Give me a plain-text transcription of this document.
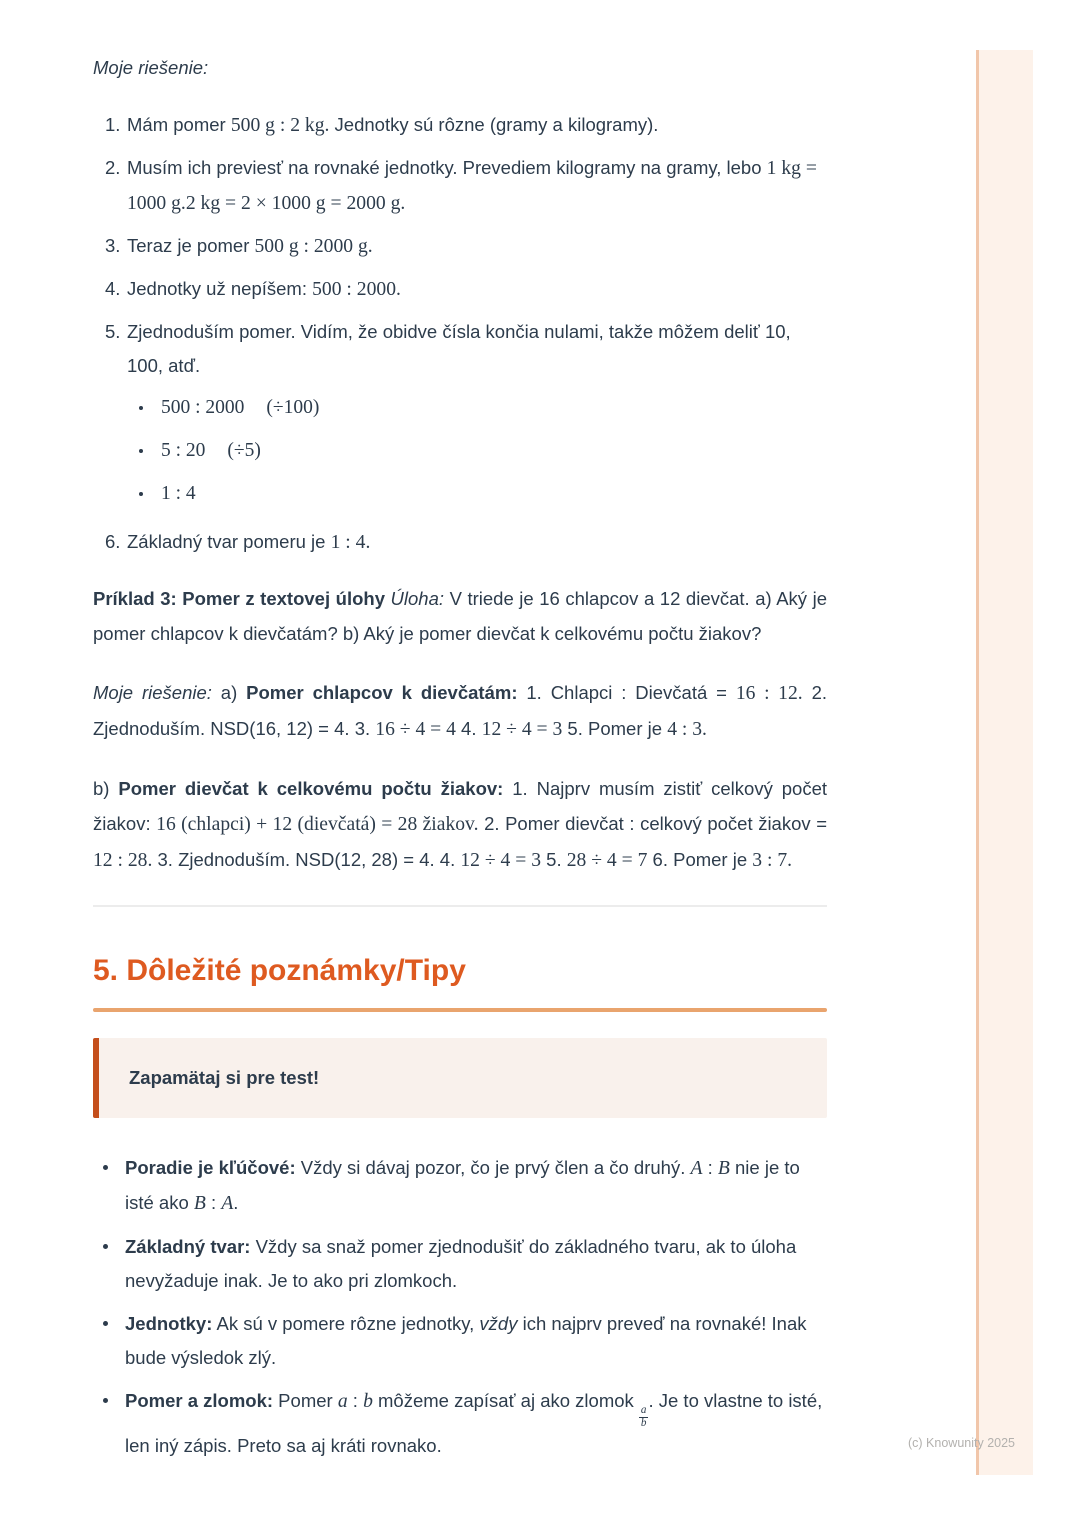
Moje riešenie:

1. Mám pomer 500 g : 2 kg. Jednotky sú rôzne (gramy a kilogramy).
2. Musím ich previesť na rovnaké jednotky. Prevediem kilogramy na gramy, lebo 1 kg = 1000 g.2 kg = 2 × 1000 g = 2000 g.
3. Teraz je pomer 500 g : 2000 g.
4. Jednotky už nepíšem: 500 : 2000.
5. Zjednoduším pomer. Vidím, že obidve čísla končia nulami, takže môžem deliť 10, 100, atď.
500 : 2000 (÷100)
5 : 20 (÷5)
1 : 4
6. Základný tvar pomeru je 1 : 4.

Príklad 3: Pomer z textovej úlohy Úloha: V triede je 16 chlapcov a 12 dievčat. a) Aký je pomer chlapcov k dievčatám? b) Aký je pomer dievčat k celkovému počtu žiakov?

Moje riešenie: a) Pomer chlapcov k dievčatám: 1. Chlapci : Dievčatá = 16 : 12. 2. Zjednoduším. NSD(16, 12) = 4. 3. 16 ÷ 4 = 4 4. 12 ÷ 4 = 3 5. Pomer je 4 : 3.

b) Pomer dievčat k celkovému počtu žiakov: 1. Najprv musím zistiť celkový počet žiakov: 16 (chlapci) + 12 (dievčatá) = 28 žiakov. 2. Pomer dievčat : celkový počet žiakov = 12 : 28. 3. Zjednoduším. NSD(12, 28) = 4. 4. 12 ÷ 4 = 3 5. 28 ÷ 4 = 7 6. Pomer je 3 : 7.

5. Dôležité poznámky/Tipy
Zapamätaj si pre test!
Poradie je kľúčové: Vždy si dávaj pozor, čo je prvý člen a čo druhý. A : B nie je to isté ako B : A.
Základný tvar: Vždy sa snaž pomer zjednodušiť do základného tvaru, ak to úloha nevyžaduje inak. Je to ako pri zlomkoch.
Jednotky: Ak sú v pomere rôzne jednotky, vždy ich najprv preveď na rovnaké! Inak bude výsledok zlý.
Pomer a zlomok: Pomer a : b môžeme zapísať aj ako zlomok
$\frac{a}{b}$
. Je to vlastne to isté, len iný zápis. Preto sa aj kráti rovnako.	(c) Knowunity 2025
